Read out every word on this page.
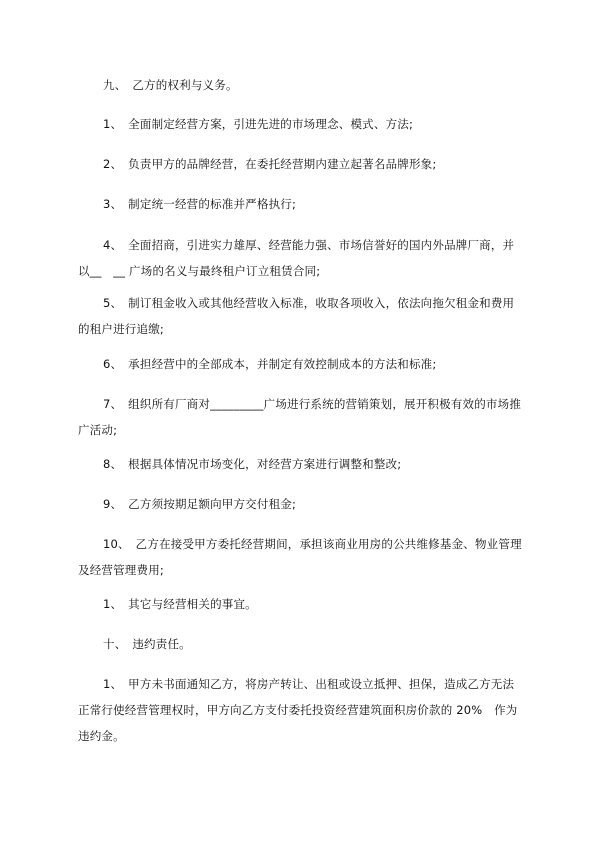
九、　乙方的权利与义务。

1、　全面制定经营方案，引进先进的市场理念、模式、方法;

2、　负责甲方的品牌经营，在委托经营期内建立起著名品牌形象;

3、　制定统一经营的标准并严格执行;

4、　全面招商，引进实力雄厚、经营能力强、市场信誉好的国内外品牌厂商，并以__　__ 广场的名义与最终租户订立租赁合同;

5、　制订租金收入或其他经营收入标准，收取各项收入，依法向拖欠租金和费用的租户进行追缴;

6、　承担经营中的全部成本，并制定有效控制成本的方法和标准;

7、　组织所有厂商对_________广场进行系统的营销策划，展开积极有效的市场推广活动;

8、　根据具体情况市场变化，对经营方案进行调整和整改;

9、　乙方须按期足额向甲方交付租金;

10、　乙方在接受甲方委托经营期间，承担该商业用房的公共维修基金、物业管理及经营管理费用;

1、　其它与经营相关的事宜。

十、　违约责任。

1、　甲方未书面通知乙方，将房产转让、出租或设立抵押、担保，造成乙方无法正常行使经营管理权时，甲方向乙方支付委托投资经营建筑面积房价款的 20%　作为违约金。
